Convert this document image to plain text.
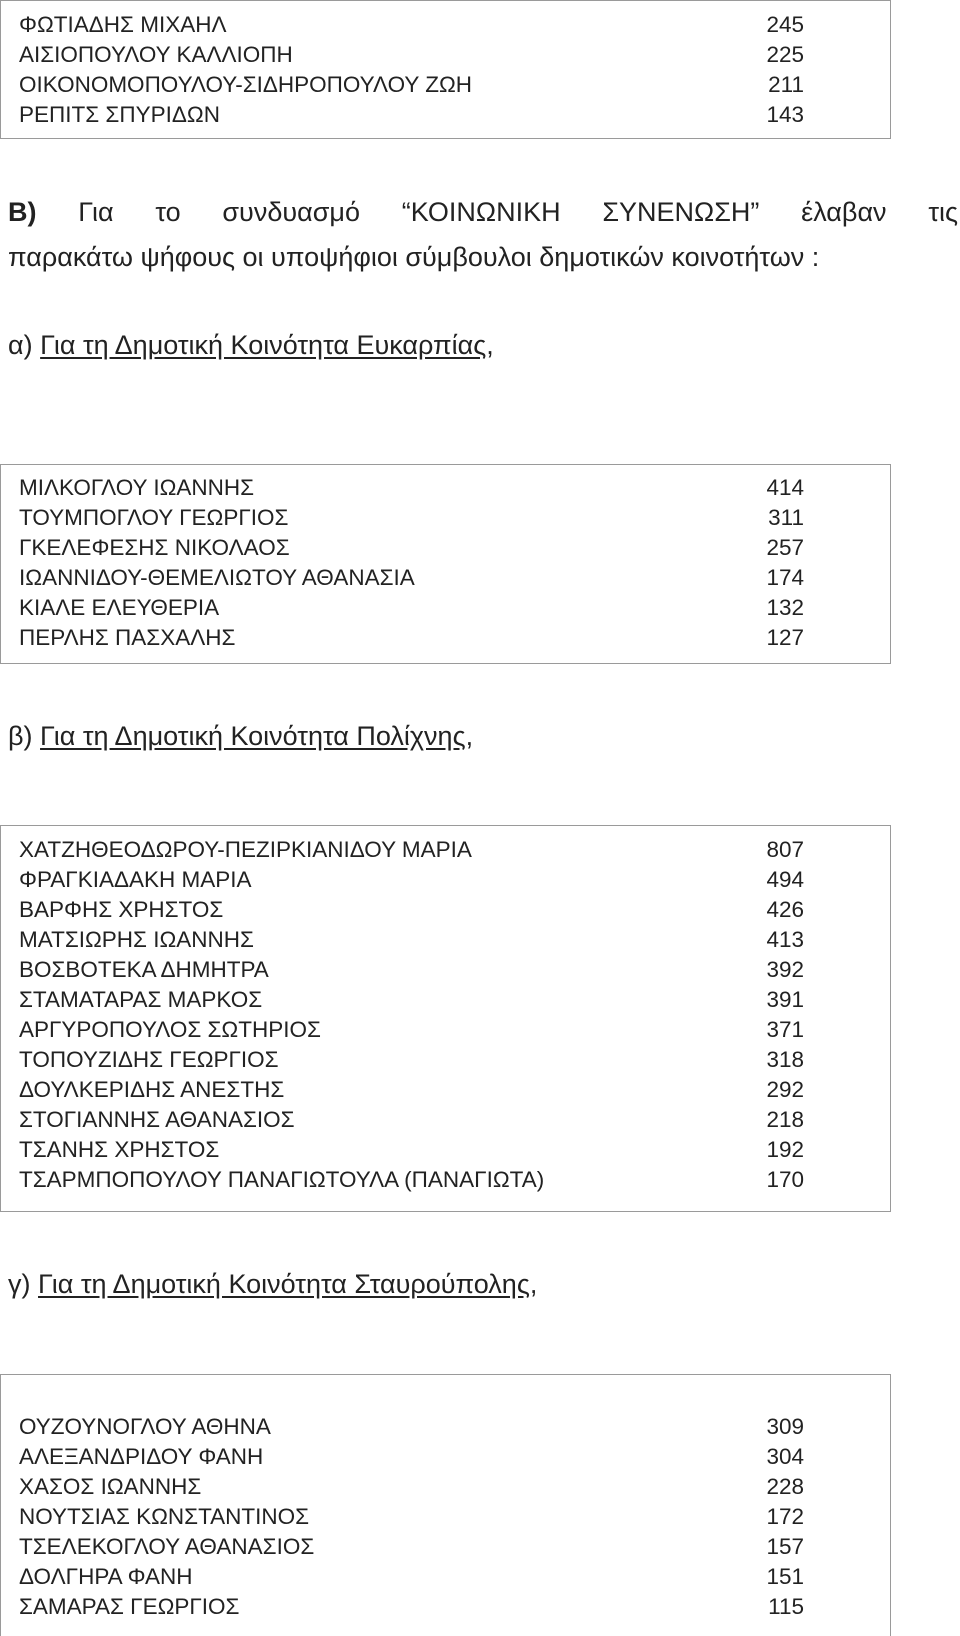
ΦΩΤΙΑΔΗΣ ΜΙΧΑΗΛ	245
ΑΙΣΙΟΠΟΥΛΟΥ ΚΑΛΛΙΟΠΗ	225
ΟΙΚΟΝΟΜΟΠΟΥΛΟΥ-ΣΙΔΗΡΟΠΟΥΛΟΥ ΖΩΗ	211
ΡΕΠΙΤΣ ΣΠΥΡΙΔΩΝ	143
Β) Για το συνδυασμό “ΚΟΙΝΩΝΙΚΗ ΣΥΝΕΝΩΣΗ” έλαβαν τις
παρακάτω ψήφους οι υποψήφιοι σύμβουλοι δημοτικών κοινοτήτων :
α) Για τη Δημοτική Κοινότητα Ευκαρπίας,
ΜΙΛΚΟΓΛΟΥ ΙΩΑΝΝΗΣ	414
ΤΟΥΜΠΟΓΛΟΥ ΓΕΩΡΓΙΟΣ	311
ΓΚΕΛΕΦΕΣΗΣ ΝΙΚΟΛΑΟΣ	257
ΙΩΑΝΝΙΔΟΥ-ΘΕΜΕΛΙΩΤΟΥ ΑΘΑΝΑΣΙΑ	174
ΚΙΑΛΕ ΕΛΕΥΘΕΡΙΑ	132
ΠΕΡΛΗΣ ΠΑΣΧΑΛΗΣ	127
β) Για τη Δημοτική Κοινότητα Πολίχνης,
ΧΑΤΖΗΘΕΟΔΩΡΟΥ-ΠΕΖΙΡΚΙΑΝΙΔΟΥ ΜΑΡΙΑ	807
ΦΡΑΓΚΙΑΔΑΚΗ ΜΑΡΙΑ	494
ΒΑΡΦΗΣ ΧΡΗΣΤΟΣ	426
ΜΑΤΣΙΩΡΗΣ ΙΩΑΝΝΗΣ	413
ΒΟΣΒΟΤΕΚΑ ΔΗΜΗΤΡΑ	392
ΣΤΑΜΑΤΑΡΑΣ ΜΑΡΚΟΣ	391
ΑΡΓΥΡΟΠΟΥΛΟΣ ΣΩΤΗΡΙΟΣ	371
ΤΟΠΟΥΖΙΔΗΣ ΓΕΩΡΓΙΟΣ	318
ΔΟΥΛΚΕΡΙΔΗΣ ΑΝΕΣΤΗΣ	292
ΣΤΟΓΙΑΝΝΗΣ ΑΘΑΝΑΣΙΟΣ	218
ΤΣΑΝΗΣ ΧΡΗΣΤΟΣ	192
ΤΣΑΡΜΠΟΠΟΥΛΟΥ ΠΑΝΑΓΙΩΤΟΥΛΑ (ΠΑΝΑΓΙΩΤΑ)	170
γ) Για τη Δημοτική Κοινότητα Σταυρούπολης,
ΟΥΖΟΥΝΟΓΛΟΥ ΑΘΗΝΑ	309
ΑΛΕΞΑΝΔΡΙΔΟΥ ΦΑΝΗ	304
ΧΑΣΟΣ ΙΩΑΝΝΗΣ	228
ΝΟΥΤΣΙΑΣ ΚΩΝΣΤΑΝΤΙΝΟΣ	172
ΤΣΕΛΕΚΟΓΛΟΥ ΑΘΑΝΑΣΙΟΣ	157
ΔΟΛΓΗΡΑ ΦΑΝΗ	151
ΣΑΜΑΡΑΣ ΓΕΩΡΓΙΟΣ	115
